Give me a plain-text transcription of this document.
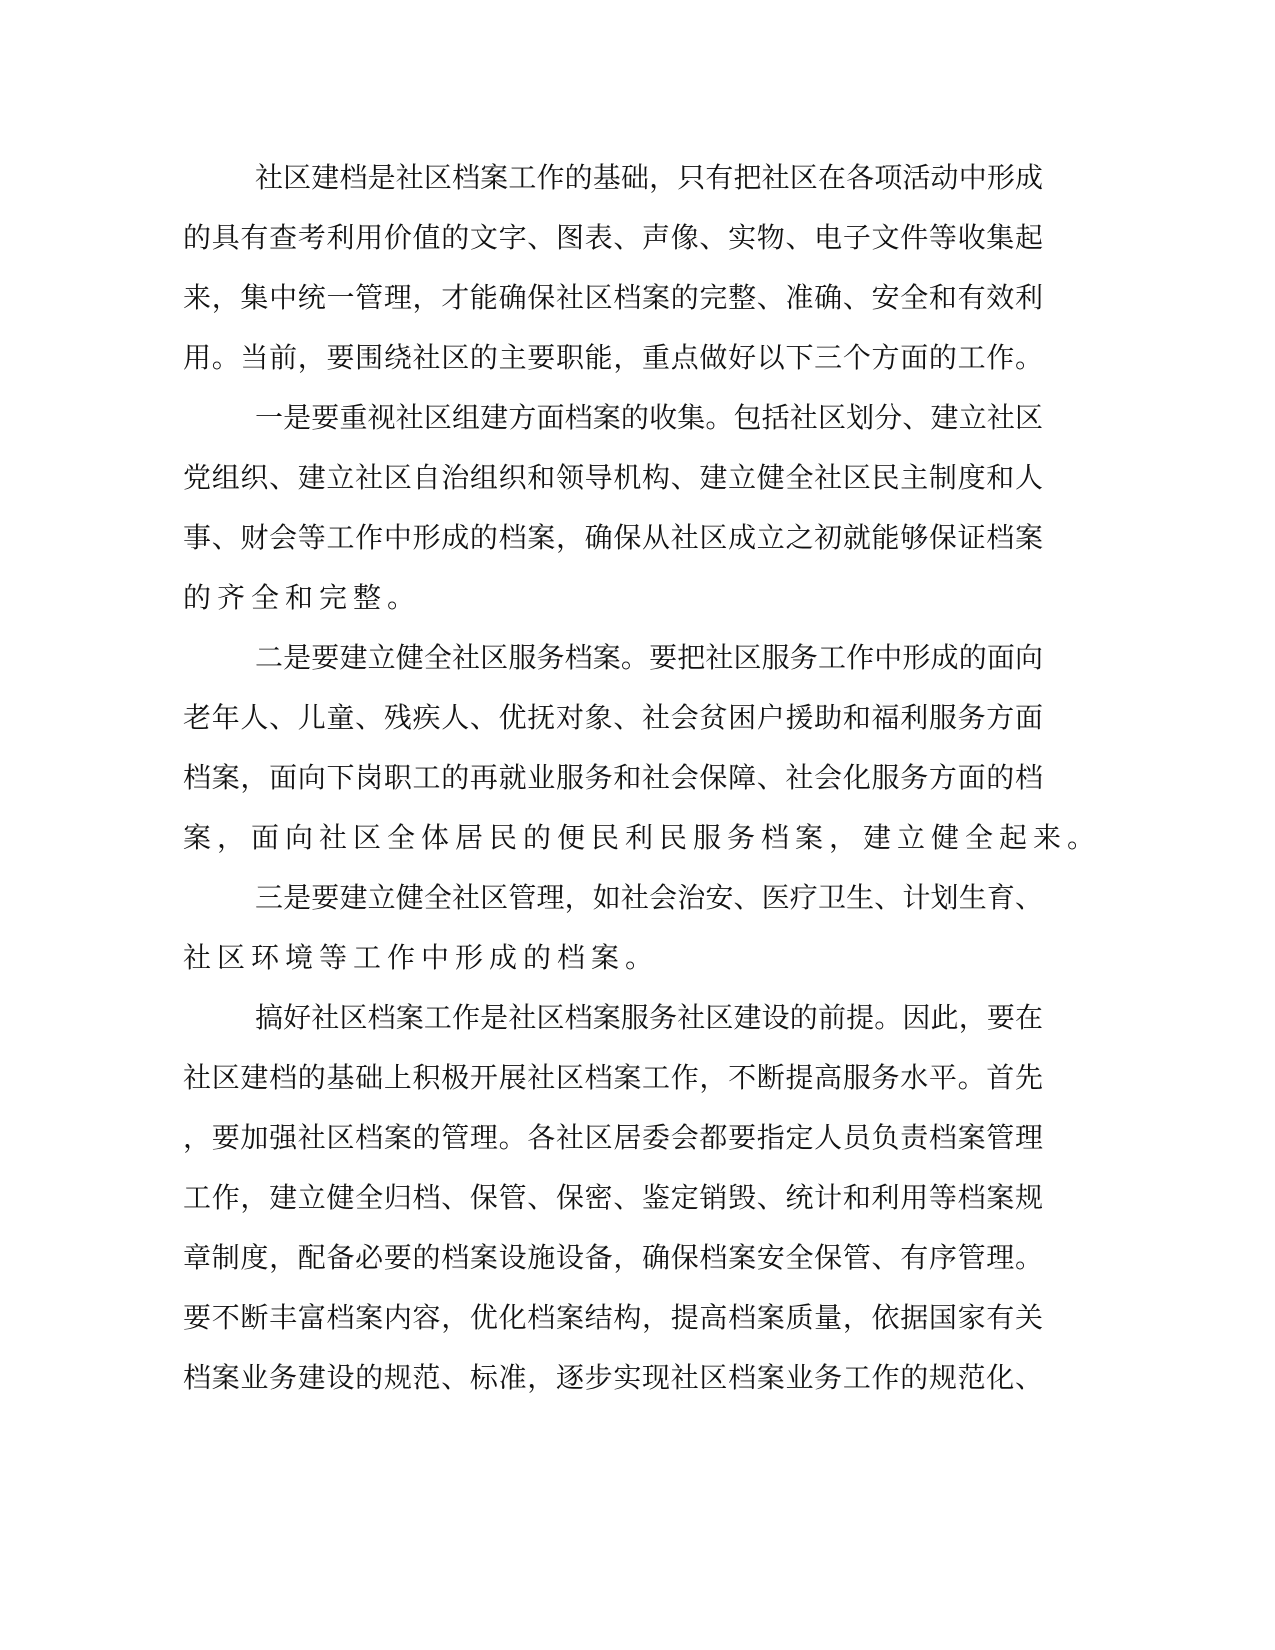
社区建档是社区档案工作的基础，只有把社区在各项活动中形成
的具有查考利用价值的文字、图表、声像、实物、电子文件等收集起
来，集中统一管理，才能确保社区档案的完整、准确、安全和有效利
用。当前，要围绕社区的主要职能，重点做好以下三个方面的工作。
一是要重视社区组建方面档案的收集。包括社区划分、建立社区
党组织、建立社区自治组织和领导机构、建立健全社区民主制度和人
事、财会等工作中形成的档案，确保从社区成立之初就能够保证档案
的齐全和完整。
二是要建立健全社区服务档案。要把社区服务工作中形成的面向
老年人、儿童、残疾人、优抚对象、社会贫困户援助和福利服务方面
档案，面向下岗职工的再就业服务和社会保障、社会化服务方面的档
案，面向社区全体居民的便民利民服务档案，建立健全起来。
三是要建立健全社区管理，如社会治安、医疗卫生、计划生育、
社区环境等工作中形成的档案。
搞好社区档案工作是社区档案服务社区建设的前提。因此，要在
社区建档的基础上积极开展社区档案工作，不断提高服务水平。首先
，要加强社区档案的管理。各社区居委会都要指定人员负责档案管理
工作，建立健全归档、保管、保密、鉴定销毁、统计和利用等档案规
章制度，配备必要的档案设施设备，确保档案安全保管、有序管理。
要不断丰富档案内容，优化档案结构，提高档案质量，依据国家有关
档案业务建设的规范、标准，逐步实现社区档案业务工作的规范化、
